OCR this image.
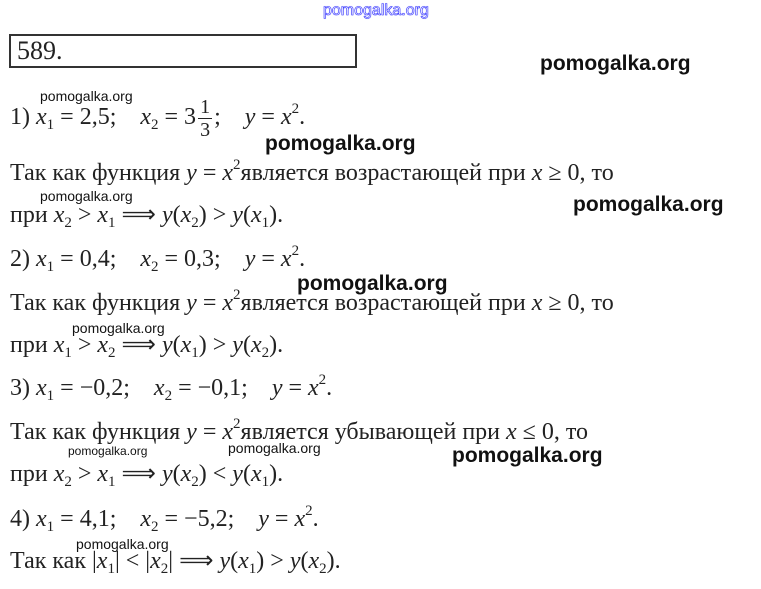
pomogalka.org
589.	pomogalka.org
pomogalka.org
1) $x_1 = 2,5$; $x_2 = 3 \frac{1}{3}$ ; $y = x^2$.
pomogalka.org
Так как функция $y = x^2является$ возрастающей при x ≥ 0, то
pomogalka.org	pomogalka.org
при $x_2 > x_1$ ⟹ $y(x_2) > y(x_1)$.
2) $x_1 = 0,4$; $x_2 = 0,3$; $y = x^2$.
pomogalka.org
Так как функция $y = x^2является$ возрастающей при x ≥ 0, то
pomogalka.org
при $x_1 > x_2$ ⟹ $y(x_1) > y(x_2)$.
3) $x_1 = -0,2$; $x_2 = -0,1$; $y = x^2$.
Так как функция $y = x^2является$ убывающей при x ≤ 0, то
pomogalka.org	pomogalka.org	pomogalka.org
при $x_2 > x_1$ ⟹ $y(x_2) < y(x_1)$.
4) $x_1 = 4,1$; $x_2 = -5,2$; $y = x^2$.
pomogalka.org
Так как $|x_1| < |x_2|$ ⟹ $y(x_1) > y(x_2)$.
